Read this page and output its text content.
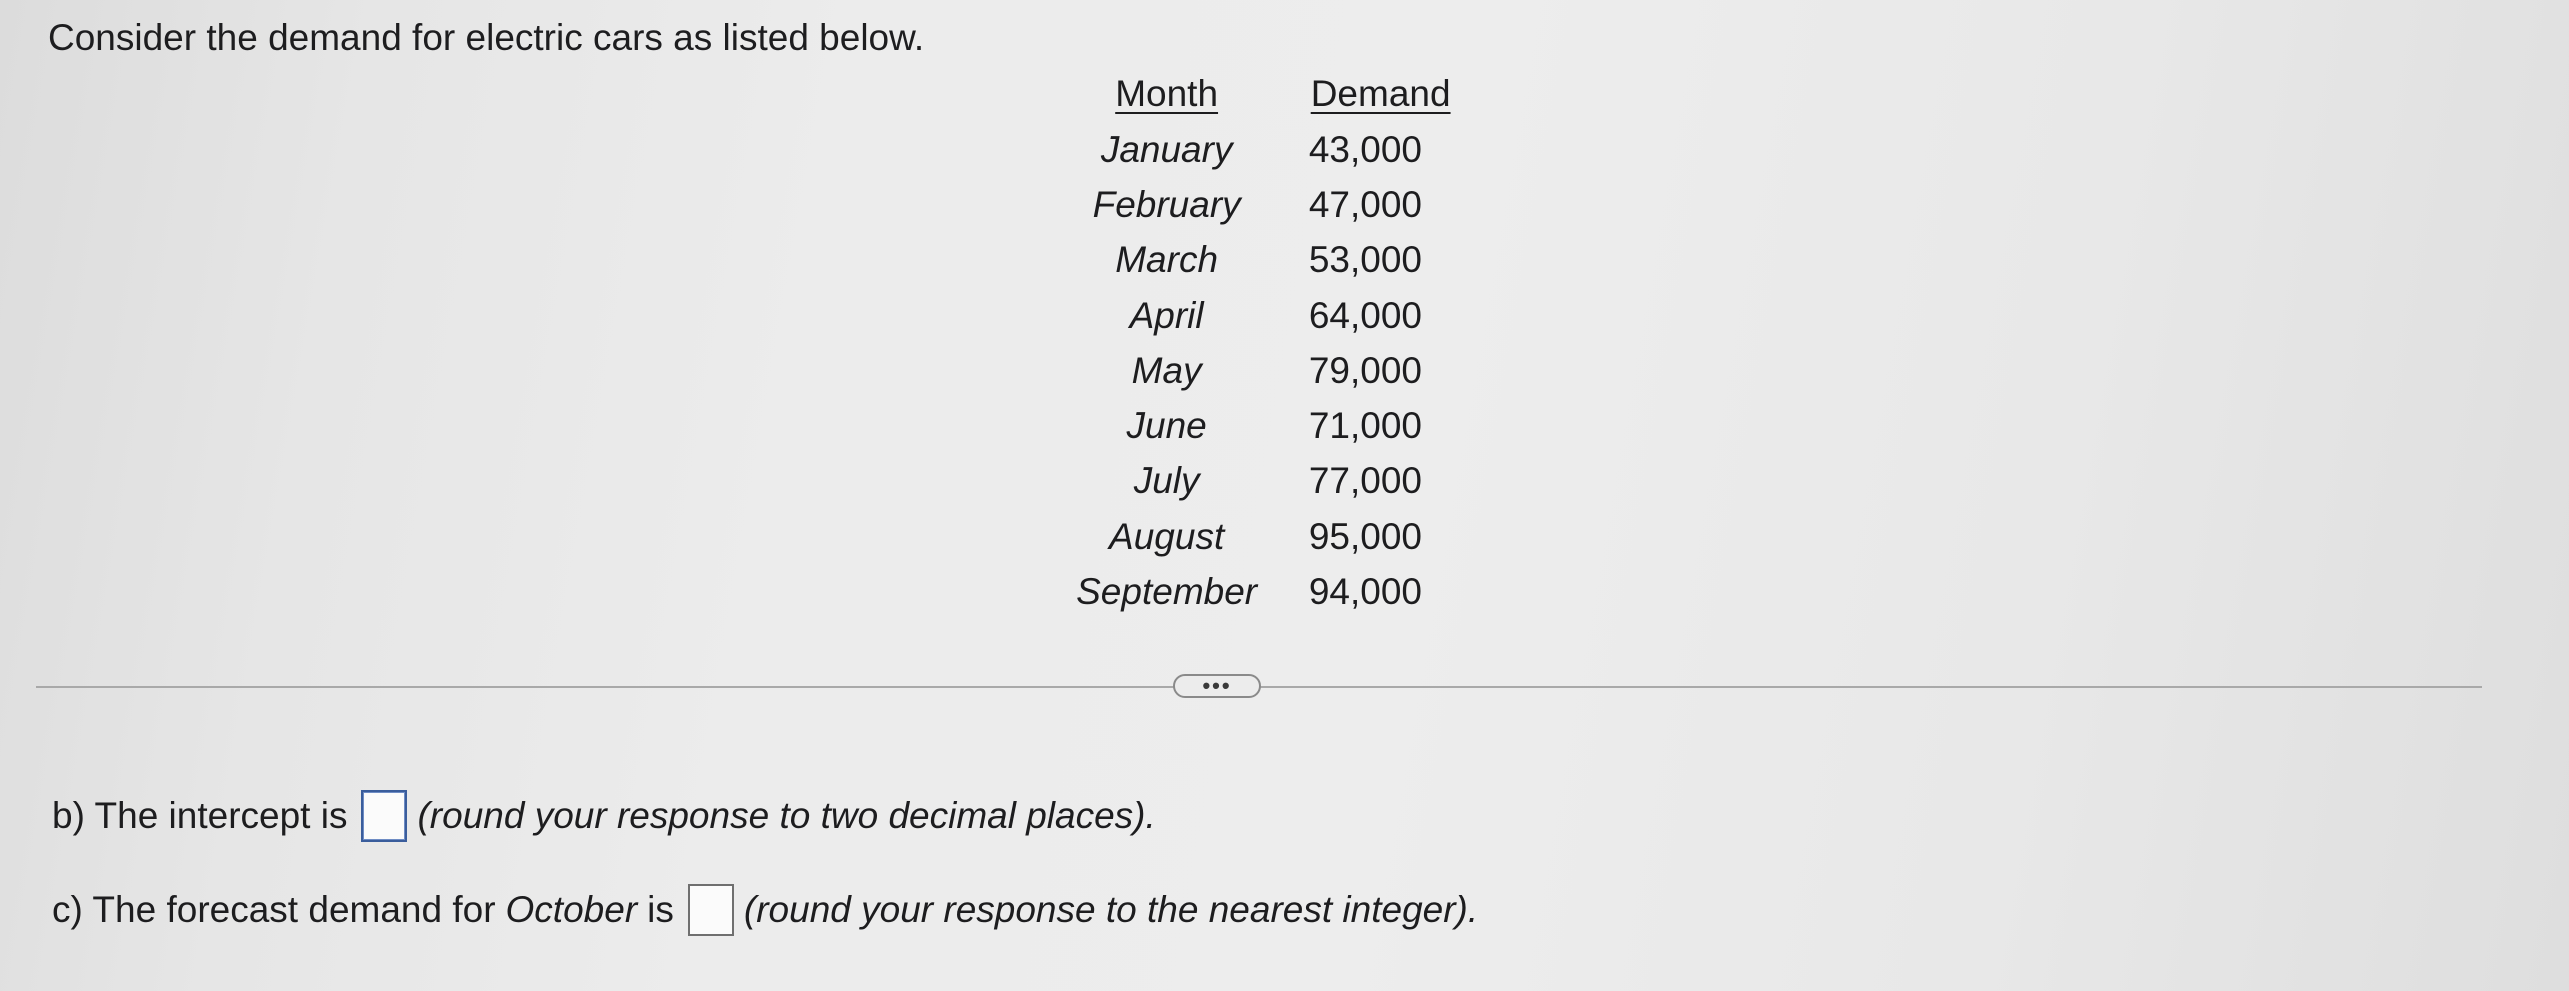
Consider the demand for electric cars as listed below.
Month	Demand
January	43,000
February	47,000
March	53,000
April	64,000
May	79,000
June	71,000
July	77,000
August	95,000
September	94,000
•••
b) The intercept is (round your response to two decimal places).
c) The forecast demand for October is (round your response to the nearest integer).
